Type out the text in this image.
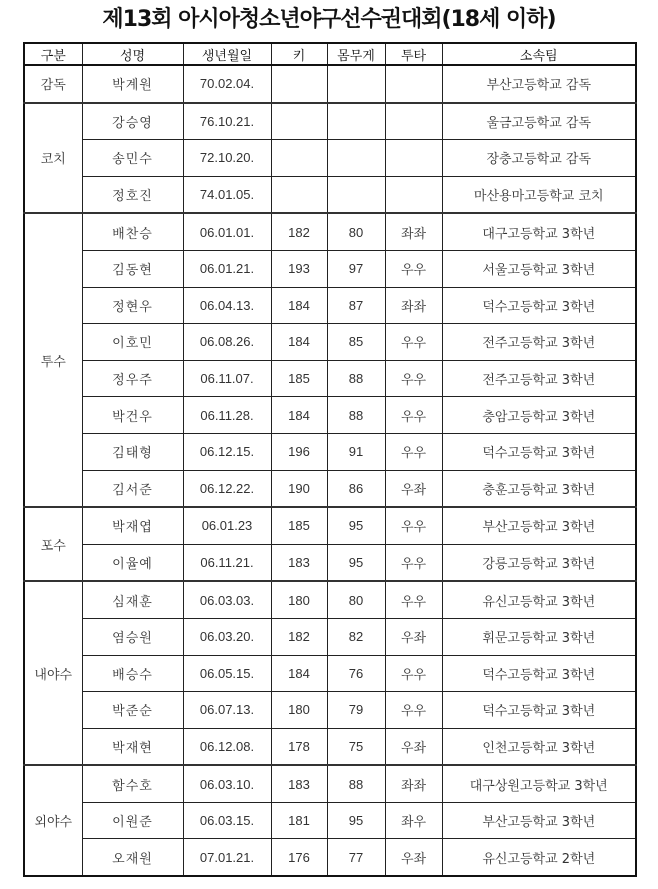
제13회 아시아청소년야구선수권대회(18세 이하)
구분	성명	생년월일	키	몸무게	투타	소속팀
감독	박계원	70.02.04.				부산고등학교 감독
코치	강승영	76.10.21.				울금고등학교 감독
	송민수	72.10.20.				장충고등학교 감독
	정호진	74.01.05.				마산용마고등학교 코치
투수	배찬승	06.01.01.	182	80	좌좌	대구고등학교 3학년
	김동현	06.01.21.	193	97	우우	서울고등학교 3학년
	정현우	06.04.13.	184	87	좌좌	덕수고등학교 3학년
	이호민	06.08.26.	184	85	우우	전주고등학교 3학년
	정우주	06.11.07.	185	88	우우	전주고등학교 3학년
	박건우	06.11.28.	184	88	우우	충암고등학교 3학년
	김태형	06.12.15.	196	91	우우	덕수고등학교 3학년
	김서준	06.12.22.	190	86	우좌	충훈고등학교 3학년
포수	박재엽	06.01.23	185	95	우우	부산고등학교 3학년
	이율예	06.11.21.	183	95	우우	강릉고등학교 3학년
내야수	심재훈	06.03.03.	180	80	우우	유신고등학교 3학년
	염승원	06.03.20.	182	82	우좌	휘문고등학교 3학년
	배승수	06.05.15.	184	76	우우	덕수고등학교 3학년
	박준순	06.07.13.	180	79	우우	덕수고등학교 3학년
	박재현	06.12.08.	178	75	우좌	인천고등학교 3학년
외야수	함수호	06.03.10.	183	88	좌좌	대구상원고등학교 3학년
	이원준	06.03.15.	181	95	좌우	부산고등학교 3학년
	오재원	07.01.21.	176	77	우좌	유신고등학교 2학년
